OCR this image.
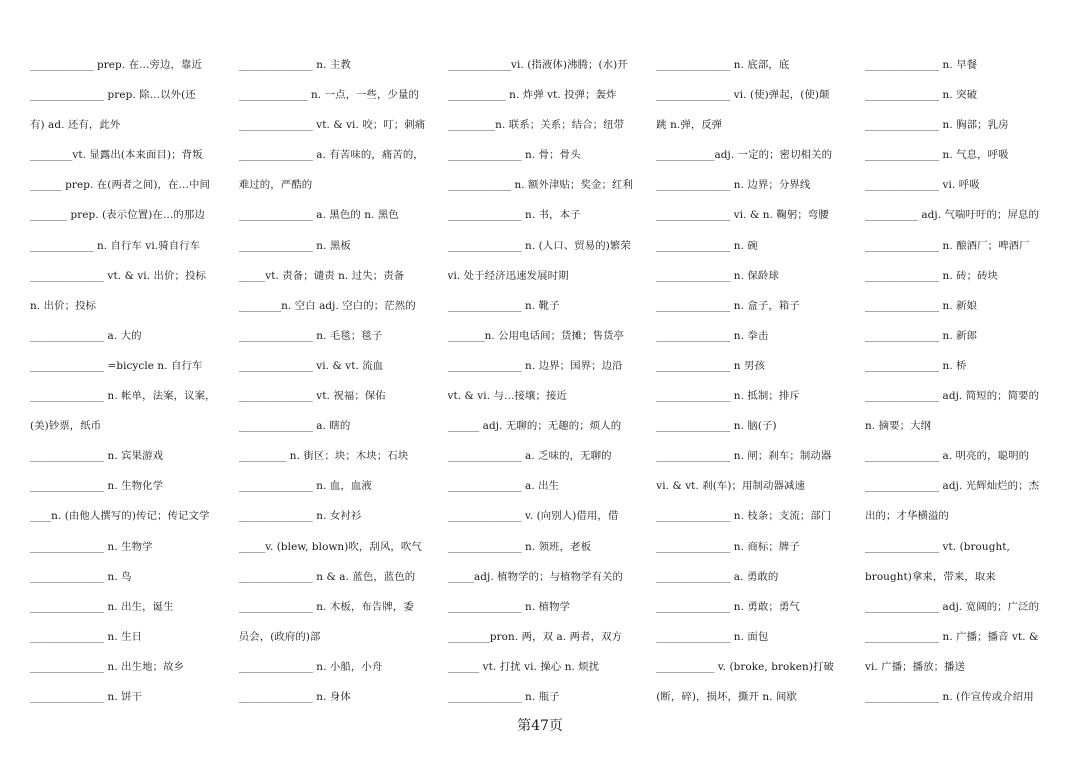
____________ prep. 在…旁边，靠近
______________ prep. 除…以外(还
有) ad. 还有，此外
________vt. 显露出(本来面目)；背叛
______ prep. 在(两者之间)，在…中间
_______ prep. (表示位置)在…的那边
____________ n. 自行车 vi.骑自行车
______________ vt. & vi. 出价；投标
n. 出价；投标
______________ a. 大的
______________ =bicycle n. 自行车
______________ n. 帐单，法案，议案，
(美)钞票，纸币
______________ n. 宾果游戏
______________ n. 生物化学
____n. (由他人撰写的)传记；传记文学
______________ n. 生物学
______________ n. 鸟
______________ n. 出生，诞生
______________ n. 生日
______________ n. 出生地；故乡
______________ n. 饼干
______________ n. 主教
_____________ n. 一点，一些，少量的
______________ vt. & vi. 咬；叮；刺痛
______________ a. 有苦味的，痛苦的，
难过的，严酷的
______________ a. 黑色的 n. 黑色
______________ n. 黑板
_____vt. 责备；谴责 n. 过失；责备
________n. 空白 adj. 空白的；茫然的
______________ n. 毛毯；毯子
______________ vi. & vt. 流血
______________ vt. 祝福；保佑
______________ a. 瞎的
_________ n. 街区；块；木块；石块
______________ n. 血，血液
______________ n. 女衬衫
_____v. (blew, blown)吹，刮风，吹气
______________ n & a. 蓝色，蓝色的
______________ n. 木板，布告牌，委
员会，(政府的)部
______________ n. 小船，小舟
______________ n. 身体
____________vi. (指液体)沸腾；(水)开
___________ n. 炸弹 vt. 投弹；轰炸
_________n. 联系；关系；结合；纽带
______________ n. 骨；骨头
____________ n. 额外津贴；奖金；红利
______________ n. 书，本子
______________ n. (人口、贸易的)繁荣
vi. 处于经济迅速发展时期
______________ n. 靴子
_______n. 公用电话间；货摊；售货亭
______________ n. 边界；国界；边沿
vt. & vi. 与…接壤；接近
______ adj. 无聊的；无趣的；烦人的
______________ a. 乏味的，无聊的
______________ a. 出生
______________ v. (向别人)借用，借
______________ n. 领班，老板
_____adj. 植物学的；与植物学有关的
______________ n. 植物学
________pron. 两，双 a. 两者，双方
______ vt. 打扰 vi. 操心 n. 烦扰
______________ n. 瓶子
______________ n. 底部，底
______________ vi. (使)弹起，(使)颠
跳 n.弹，反弹
___________adj. 一定的；密切相关的
______________ n. 边界；分界线
______________ vi. & n. 鞠躬；弯腰
______________ n. 碗
______________ n. 保龄球
______________ n. 盒子，箱子
______________ n. 拳击
______________ n 男孩
______________ n. 抵制；排斥
______________ n. 脑(子)
______________ n. 闸；刹车；制动器
vi. & vt. 刹(车)；用制动器减速
______________ n. 枝条；支流；部门
______________ n. 商标；牌子
______________ a. 勇敢的
______________ n. 勇敢；勇气
______________ n. 面包
___________ v. (broke, broken)打破
(断，碎)，损坏，撕开 n. 间歇
______________ n. 早餐
______________ n. 突破
______________ n. 胸部；乳房
______________ n. 气息，呼吸
______________ vi. 呼吸
__________ adj. 气喘吁吁的；屏息的
______________ n. 酿酒厂；啤酒厂
______________ n. 砖；砖块
______________ n. 新娘
______________ n. 新郎
______________ n. 桥
______________ adj. 简短的；简要的
n. 摘要；大纲
______________ a. 明亮的，聪明的
______________ adj. 光辉灿烂的；杰
出的；才华横溢的
______________ vt. (brought,
brought)拿来，带来，取来
______________ adj. 宽阔的；广泛的
______________ n. 广播；播音 vt. &
vi. 广播；播放；播送
______________ n. (作宣传或介绍用
第47页
